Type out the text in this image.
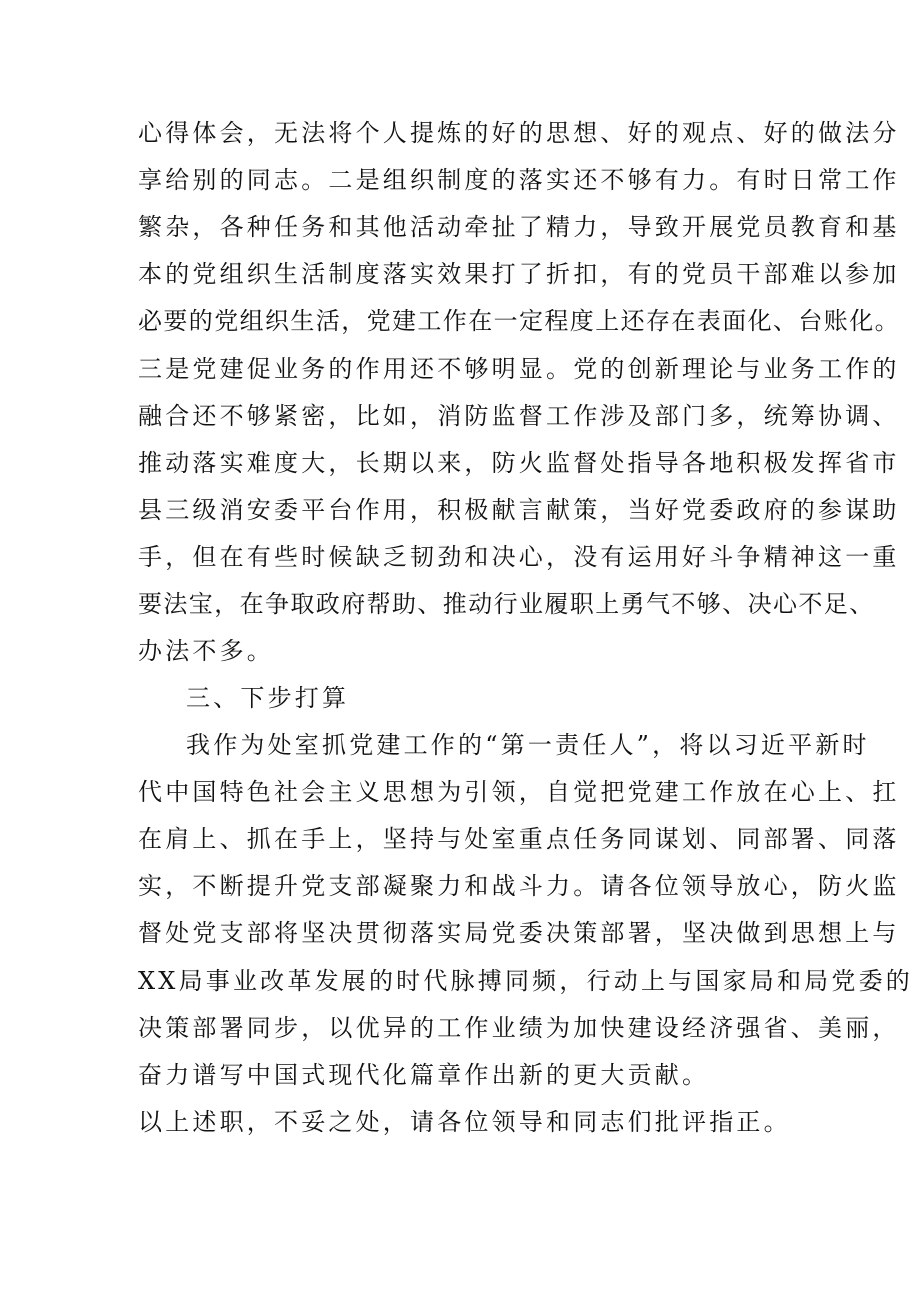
心得体会，无法将个人提炼的好的思想、好的观点、好的做法分
享给别的同志。二是组织制度的落实还不够有力。有时日常工作
繁杂，各种任务和其他活动牵扯了精力，导致开展党员教育和基
本的党组织生活制度落实效果打了折扣，有的党员干部难以参加
必要的党组织生活，党建工作在一定程度上还存在表面化、台账化。
三是党建促业务的作用还不够明显。党的创新理论与业务工作的
融合还不够紧密，比如，消防监督工作涉及部门多，统筹协调、
推动落实难度大，长期以来，防火监督处指导各地积极发挥省市
县三级消安委平台作用，积极献言献策，当好党委政府的参谋助
手，但在有些时候缺乏韧劲和决心，没有运用好斗争精神这一重
要法宝，在争取政府帮助、推动行业履职上勇气不够、决心不足、
办法不多。
三、下步打算
我作为处室抓党建工作的“第一责任人”，将以习近平新时
代中国特色社会主义思想为引领，自觉把党建工作放在心上、扛
在肩上、抓在手上，坚持与处室重点任务同谋划、同部署、同落
实，不断提升党支部凝聚力和战斗力。请各位领导放心，防火监
督处党支部将坚决贯彻落实局党委决策部署，坚决做到思想上与
XX局事业改革发展的时代脉搏同频，行动上与国家局和局党委的
决策部署同步，以优异的工作业绩为加快建设经济强省、美丽，
奋力谱写中国式现代化篇章作出新的更大贡献。
以上述职，不妥之处，请各位领导和同志们批评指正。
